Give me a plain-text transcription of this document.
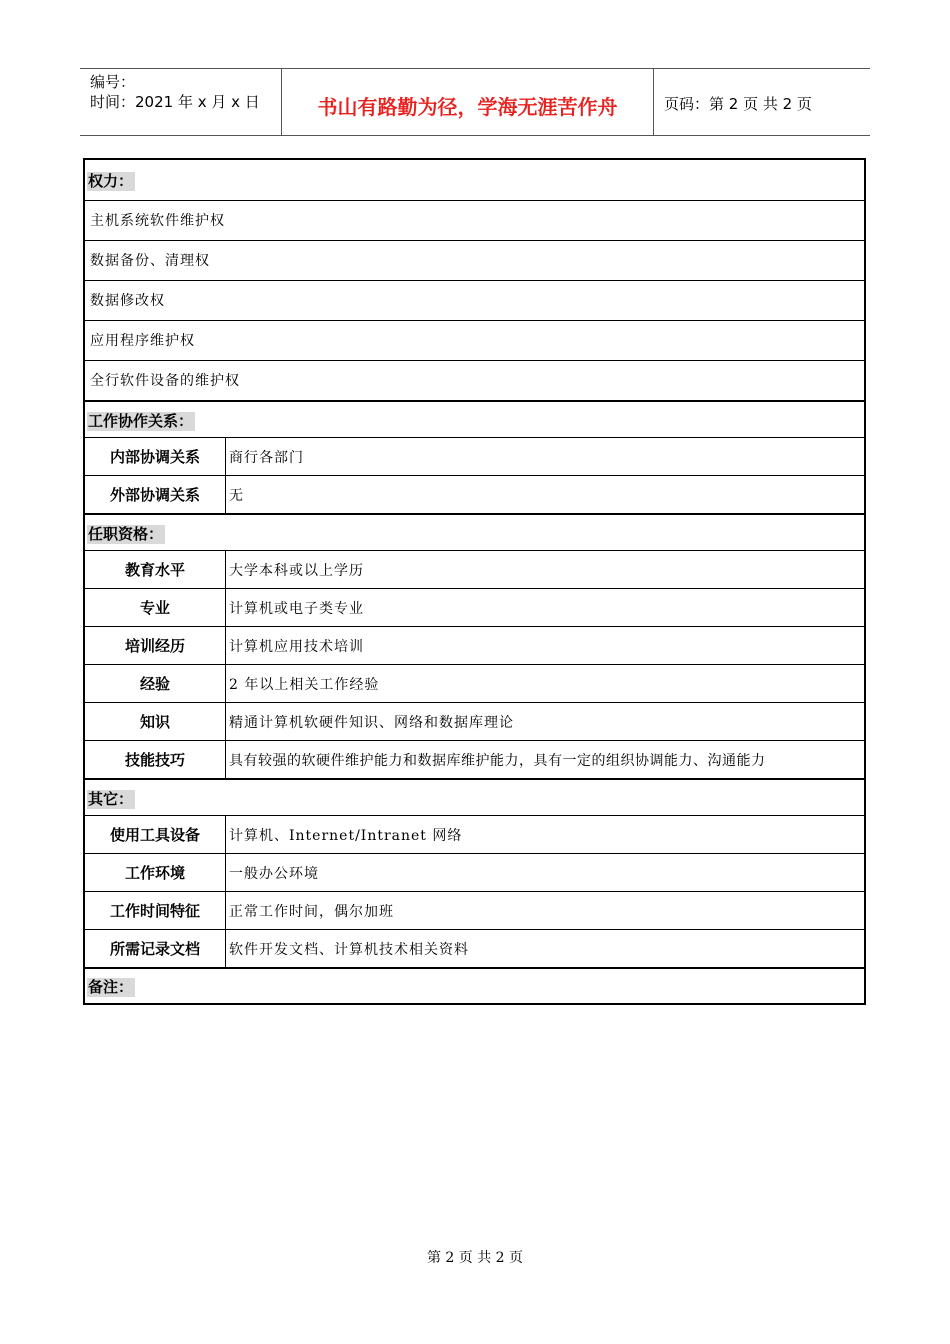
编号：
时间：2021 年 x 月 x 日	书山有路勤为径，学海无涯苦作舟	页码：第 2 页 共 2 页
权力：
主机系统软件维护权
数据备份、清理权
数据修改权
应用程序维护权
全行软件设备的维护权
工作协作关系：
内部协调关系	商行各部门
外部协调关系	无
任职资格：
教育水平	大学本科或以上学历
专业	计算机或电子类专业
培训经历	计算机应用技术培训
经验	2 年以上相关工作经验
知识	精通计算机软硬件知识、网络和数据库理论
技能技巧	具有较强的软硬件维护能力和数据库维护能力，具有一定的组织协调能力、沟通能力
其它：
使用工具设备	计算机、Internet/Intranet 网络
工作环境	一般办公环境
工作时间特征	正常工作时间，偶尔加班
所需记录文档	软件开发文档、计算机技术相关资料
备注：
第 2 页 共 2 页
